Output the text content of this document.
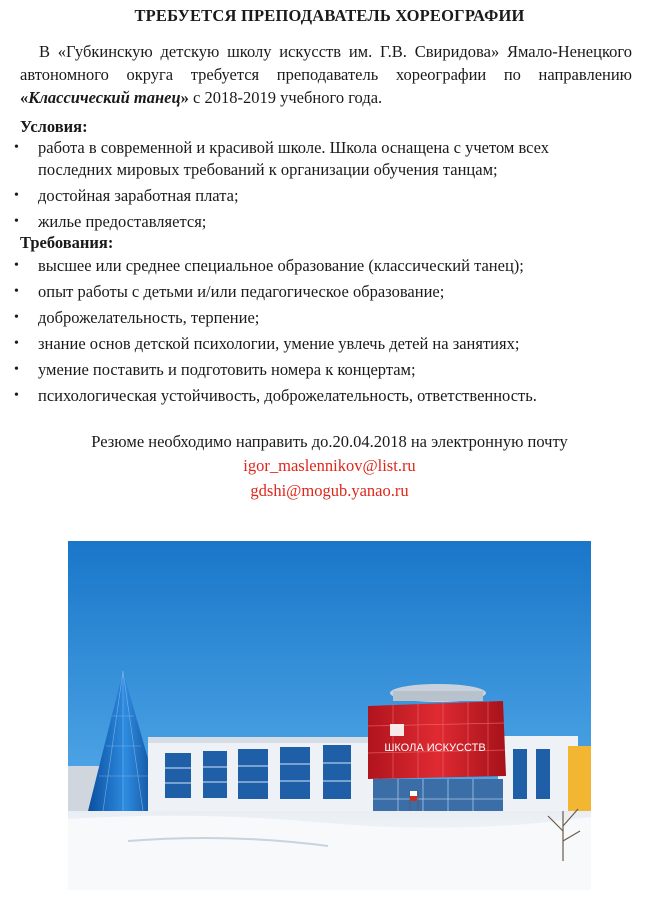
ТРЕБУЕТСЯ ПРЕПОДАВАТЕЛЬ ХОРЕОГРАФИИ
В «Губкинскую детскую школу искусств им. Г.В. Свиридова» Ямало-Ненецкого автономного округа требуется преподаватель хореографии по направлению «Классический танец» с 2018-2019 учебного года.
Условия:
• работа в современной и красивой школе. Школа оснащена с учетом всех последних мировых требований к организации обучения танцам;
• достойная заработная плата;
• жилье предоставляется;
Требования:
• высшее или среднее специальное образование (классический танец);
• опыт работы с детьми и/или педагогическое образование;
• доброжелательность, терпение;
• знание основ детской психологии, умение увлечь детей на занятиях;
• умение поставить и подготовить номера к концертам;
• психологическая устойчивость, доброжелательность, ответственность.
Резюме необходимо направить до.20.04.2018 на электронную почту
igor_maslennikov@list.ru
gdshi@mogub.yanao.ru
ШКОЛА ИСКУССТВ
